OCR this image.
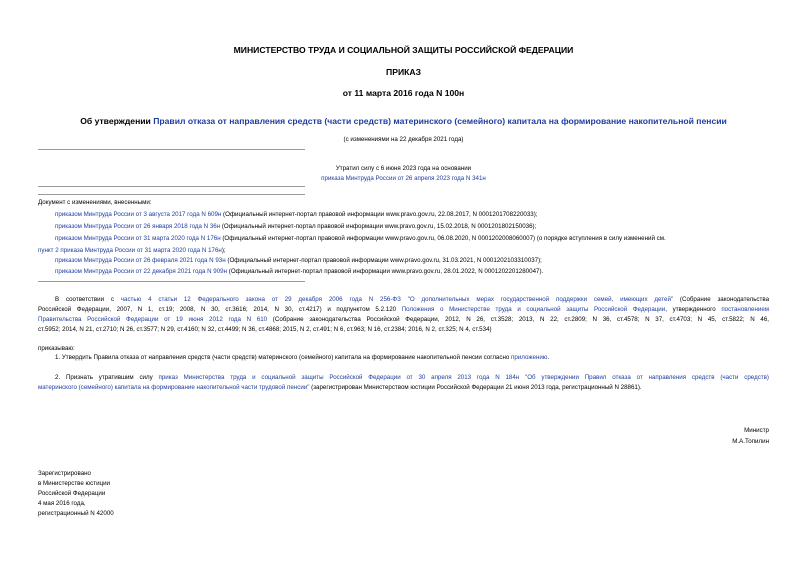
МИНИСТЕРСТВО ТРУДА И СОЦИАЛЬНОЙ ЗАЩИТЫ РОССИЙСКОЙ ФЕДЕРАЦИИ
ПРИКАЗ
от 11 марта 2016 года N 100н
Об утверждении Правил отказа от направления средств (части средств) материнского (семейного) капитала на формирование накопительной пенсии
(с изменениями на 22 декабря 2021 года)
Утратил силу с 6 июня 2023 года на основании
приказа Минтруда России от 26 апреля 2023 года N 341н
Документ с изменениями, внесенными:
приказом Минтруда России от 3 августа 2017 года N 609н (Официальный интернет-портал правовой информации www.pravo.gov.ru, 22.08.2017, N 0001201708220033);
приказом Минтруда России от 26 января 2018 года N 36н (Официальный интернет-портал правовой информации www.pravo.gov.ru, 15.02.2018, N 0001201802150036);
приказом Минтруда России от 31 марта 2020 года N 176н (Официальный интернет-портал правовой информации www.pravo.gov.ru, 06.08.2020, N 0001202008060007) (о порядке вступления в силу изменений см.
пункт 2 приказа Минтруда России от 31 марта 2020 года N 176н);
приказом Минтруда России от 26 февраля 2021 года N 93н (Официальный интернет-портал правовой информации www.pravo.gov.ru, 31.03.2021, N 0001202103310037);
приказом Минтруда России от 22 декабря 2021 года N 909н (Официальный интернет-портал правовой информации www.pravo.gov.ru, 28.01.2022, N 0001202201280047).
В соответствии с частью 4 статьи 12 Федерального закона от 29 декабря 2006 года N 256-ФЗ "О дополнительных мерах государственной поддержки семей, имеющих детей" (Собрание законодательства
Российской Федерации, 2007, N 1, ст.19; 2008, N 30, ст.3616; 2014, N 30, ст.4217) и подпунктом 5.2.120 Положения о Министерстве труда и социальной защиты Российской Федерации, утвержденного постановлением
Правительства Российской Федерации от 19 июня 2012 года N 610 (Собрание законодательства Российской Федерации, 2012, N 26, ст.3528; 2013, N 22, ст.2809; N 36, ст.4578; N 37, ст.4703; N 45, ст.5822; N 46,
ст.5952; 2014, N 21, ст.2710; N 26, ст.3577; N 29, ст.4160; N 32, ст.4499; N 36, ст.4868; 2015, N 2, ст.491; N 6, ст.963; N 16, ст.2384; 2016, N 2, ст.325; N 4, ст.534)
приказываю:
1. Утвердить Правила отказа от направления средств (части средств) материнского (семейного) капитала на формирование накопительной пенсии согласно приложению.
2. Признать утратившим силу приказ Министерства труда и социальной защиты Российской Федерации от 30 апреля 2013 года N 184н "Об утверждении Правил отказа от направления средств (части средств)
материнского (семейного) капитала на формирование накопительной части трудовой пенсии" (зарегистрирован Министерством юстиции Российской Федерации 21 июня 2013 года, регистрационный N 28861).
Министр
М.А.Топилин
Зарегистрировано
в Министерстве юстиции
Российской Федерации
4 мая 2016 года,
регистрационный N 42000
